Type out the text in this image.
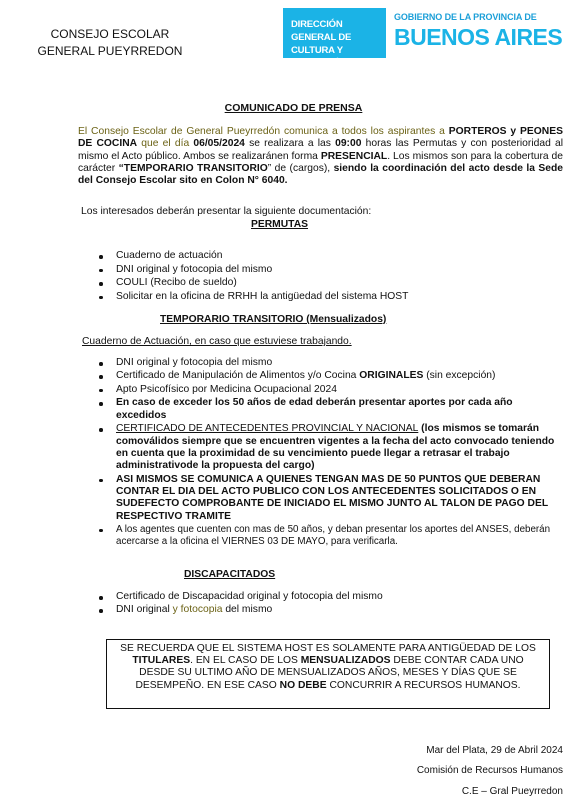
CONSEJO ESCOLAR
GENERAL PUEYRREDON
DIRECCIÓN GENERAL DE
CULTURA Y EDUCACIÓN
GOBIERNO DE LA PROVINCIA DE
BUENOS AIRES
COMUNICADO DE PRENSA
El Consejo Escolar de General Pueyrredón comunica a todos los aspirantes a PORTEROS y PEONES DE COCINA que el día 06/05/2024 se realizara a las 09:00 horas las Permutas y con posterioridad al mismo el Acto público. Ambos se realizaránen forma PRESENCIAL. Los mismos son para la cobertura de carácter “TEMPORARIO TRANSITORIO” de (cargos), siendo la coordinación del acto desde la Sede del Consejo Escolar sito en Colon N° 6040.
Los interesados deberán presentar la siguiente documentación:
PERMUTAS
Cuaderno de actuación
DNI original y fotocopia del mismo
COULI (Recibo de sueldo)
Solicitar en la oficina de RRHH la antigüedad del sistema HOST
TEMPORARIO TRANSITORIO (Mensualizados)
Cuaderno de Actuación, en caso que estuviese trabajando.
DNI original y fotocopia del mismo
Certificado de Manipulación de Alimentos y/o Cocina ORIGINALES (sin excepción)
Apto Psicofísico por Medicina Ocupacional 2024
En caso de exceder los 50 años de edad deberán presentar aportes por cada año excedidos
CERTIFICADO DE ANTECEDENTES PROVINCIAL Y NACIONAL (los mismos se tomarán comoválidos siempre que se encuentren vigentes a la fecha del acto convocado teniendo en cuenta que la proximidad de su vencimiento puede llegar a retrasar el trabajo administrativode la propuesta del cargo)
ASI MISMOS SE COMUNICA A QUIENES TENGAN MAS DE 50 PUNTOS QUE DEBERAN CONTAR EL DIA DEL ACTO PUBLICO CON LOS ANTECEDENTES SOLICITADOS O EN SUDEFECTO COMPROBANTE DE INICIADO EL MISMO JUNTO AL TALON DE PAGO DEL RESPECTIVO TRAMITE
A los agentes que cuenten con mas de 50 años, y deban presentar los aportes del ANSES, deberán acercarse a la oficina el VIERNES 03 DE MAYO, para verificarla.
DISCAPACITADOS
Certificado de Discapacidad original y fotocopia del mismo
DNI original y fotocopia del mismo
SE RECUERDA QUE EL SISTEMA HOST ES SOLAMENTE PARA ANTIGÜEDAD DE LOS TITULARES. EN EL CASO DE LOS MENSUALIZADOS DEBE CONTAR CADA UNO DESDE SU ULTIMO AÑO DE MENSUALIZADOS AÑOS, MESES Y DÍAS QUE SE DESEMPEÑO. EN ESE CASO NO DEBE CONCURRIR A RECURSOS HUMANOS.
Mar del Plata, 29 de Abril 2024
Comisión de Recursos Humanos
C.E – Gral Pueyrredon
